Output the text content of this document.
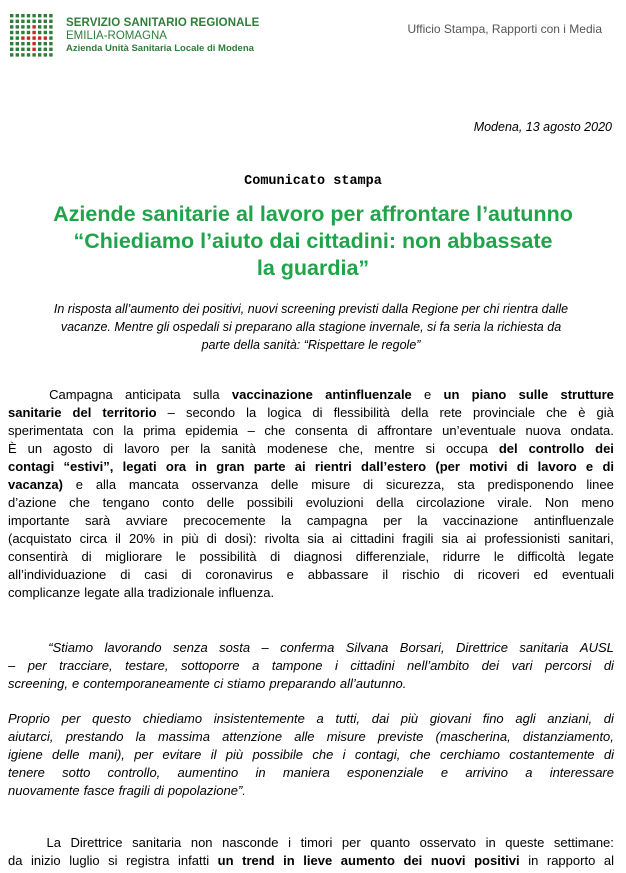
SERVIZIO SANITARIO REGIONALE
EMILIA-ROMAGNA
Azienda Unità Sanitaria Locale di Modena
Ufficio Stampa, Rapporti con i Media
Modena, 13 agosto 2020
Comunicato stampa
Aziende sanitarie al lavoro per affrontare l’autunno
“Chiediamo l’aiuto dai cittadini: non abbassate
la guardia”
In risposta all’aumento dei positivi, nuovi screening previsti dalla Regione per chi rientra dalle
vacanze. Mentre gli ospedali si preparano alla stagione invernale, si fa seria la richiesta da
parte della sanità: “Rispettare le regole”

Campagna anticipata sulla vaccinazione antinfluenzale e un piano sulle strutture
sanitarie del territorio – secondo la logica di flessibilità della rete provinciale che è già
sperimentata con la prima epidemia – che consenta di affrontare un’eventuale nuova ondata.
È un agosto di lavoro per la sanità modenese che, mentre si occupa del controllo dei
contagi “estivi”, legati ora in gran parte ai rientri dall’estero (per motivi di lavoro e di
vacanza) e alla mancata osservanza delle misure di sicurezza, sta predisponendo linee
d’azione che tengano conto delle possibili evoluzioni della circolazione virale. Non meno
importante sarà avviare precocemente la campagna per la vaccinazione antinfluenzale
(acquistato circa il 20% in più di dosi): rivolta sia ai cittadini fragili sia ai professionisti sanitari,
consentirà di migliorare le possibilità di diagnosi differenziale, ridurre le difficoltà legate
all’individuazione di casi di coronavirus e abbassare il rischio di ricoveri ed eventuali
complicanze legate alla tradizionale influenza.

“Stiamo lavorando senza sosta – conferma Silvana Borsari, Direttrice sanitaria AUSL
– per tracciare, testare, sottoporre a tampone i cittadini nell’ambito dei vari percorsi di
screening, e contemporaneamente ci stiamo preparando all’autunno.
Proprio per questo chiediamo insistentemente a tutti, dai più giovani fino agli anziani, di
aiutarci, prestando la massima attenzione alle misure previste (mascherina, distanziamento,
igiene delle mani), per evitare il più possibile che i contagi, che cerchiamo costantemente di
tenere sotto controllo, aumentino in maniera esponenziale e arrivino a interessare
nuovamente fasce fragili di popolazione”.

La Direttrice sanitaria non nasconde i timori per quanto osservato in queste settimane:
da inizio luglio si registra infatti un trend in lieve aumento dei nuovi positivi in rapporto al
